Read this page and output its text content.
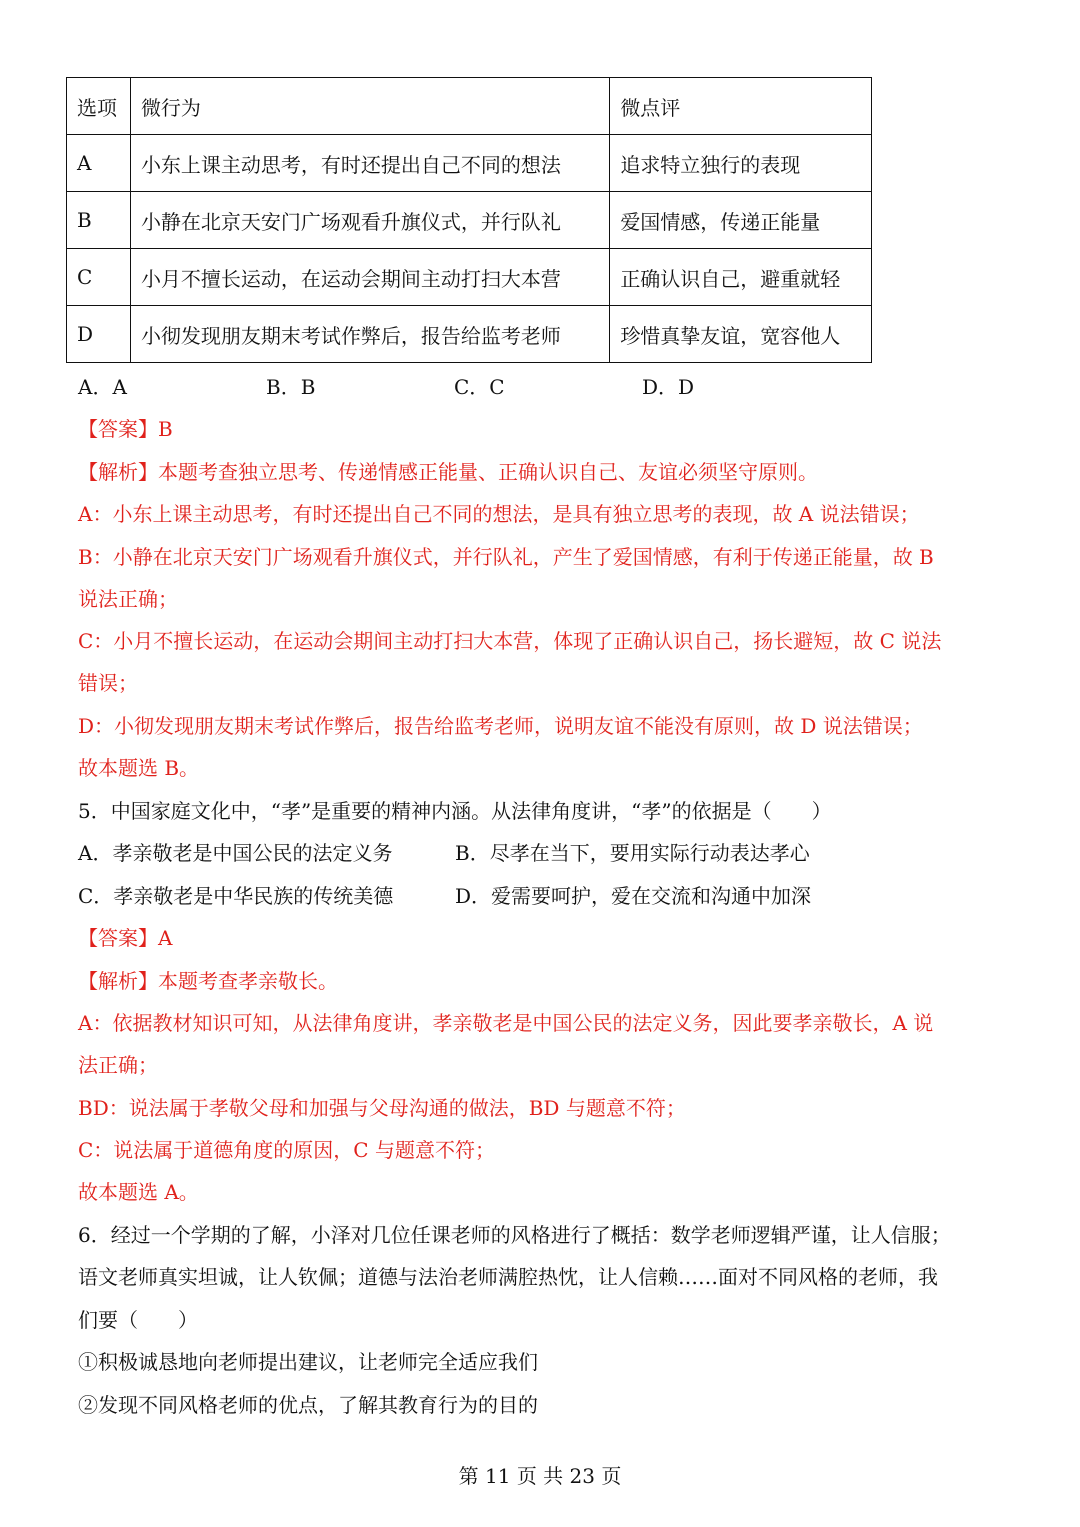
选项	微行为	微点评
A	小东上课主动思考，有时还提出自己不同的想法	追求特立独行的表现
B	小静在北京天安门广场观看升旗仪式，并行队礼	爱国情感，传递正能量
C	小月不擅长运动，在运动会期间主动打扫大本营	正确认识自己，避重就轻
D	小彻发现朋友期末考试作弊后，报告给监考老师	珍惜真挚友谊，宽容他人
A．A	B．B	C．C	D．D
【答案】B
【解析】本题考查独立思考、传递情感正能量、正确认识自己、友谊必须坚守原则。
A：小东上课主动思考，有时还提出自己不同的想法，是具有独立思考的表现，故 A 说法错误；
B：小静在北京天安门广场观看升旗仪式，并行队礼，产生了爱国情感，有利于传递正能量，故 B
说法正确；
C：小月不擅长运动，在运动会期间主动打扫大本营，体现了正确认识自己，扬长避短，故 C 说法
错误；
D：小彻发现朋友期末考试作弊后，报告给监考老师，说明友谊不能没有原则，故 D 说法错误；
故本题选 B。
5．中国家庭文化中，“孝”是重要的精神内涵。从法律角度讲，“孝”的依据是（　　）
A．孝亲敬老是中国公民的法定义务	B．尽孝在当下，要用实际行动表达孝心
C．孝亲敬老是中华民族的传统美德	D．爱需要呵护，爱在交流和沟通中加深
【答案】A
【解析】本题考查孝亲敬长。
A：依据教材知识可知，从法律角度讲，孝亲敬老是中国公民的法定义务，因此要孝亲敬长，A 说
法正确；
BD：说法属于孝敬父母和加强与父母沟通的做法，BD 与题意不符；
C：说法属于道德角度的原因，C 与题意不符；
故本题选 A。
6．经过一个学期的了解，小泽对几位任课老师的风格进行了概括：数学老师逻辑严谨，让人信服；
语文老师真实坦诚，让人钦佩；道德与法治老师满腔热忱，让人信赖……面对不同风格的老师，我
们要（　　）
①积极诚恳地向老师提出建议，让老师完全适应我们
②发现不同风格老师的优点，了解其教育行为的目的
第 11 页 共 23 页
